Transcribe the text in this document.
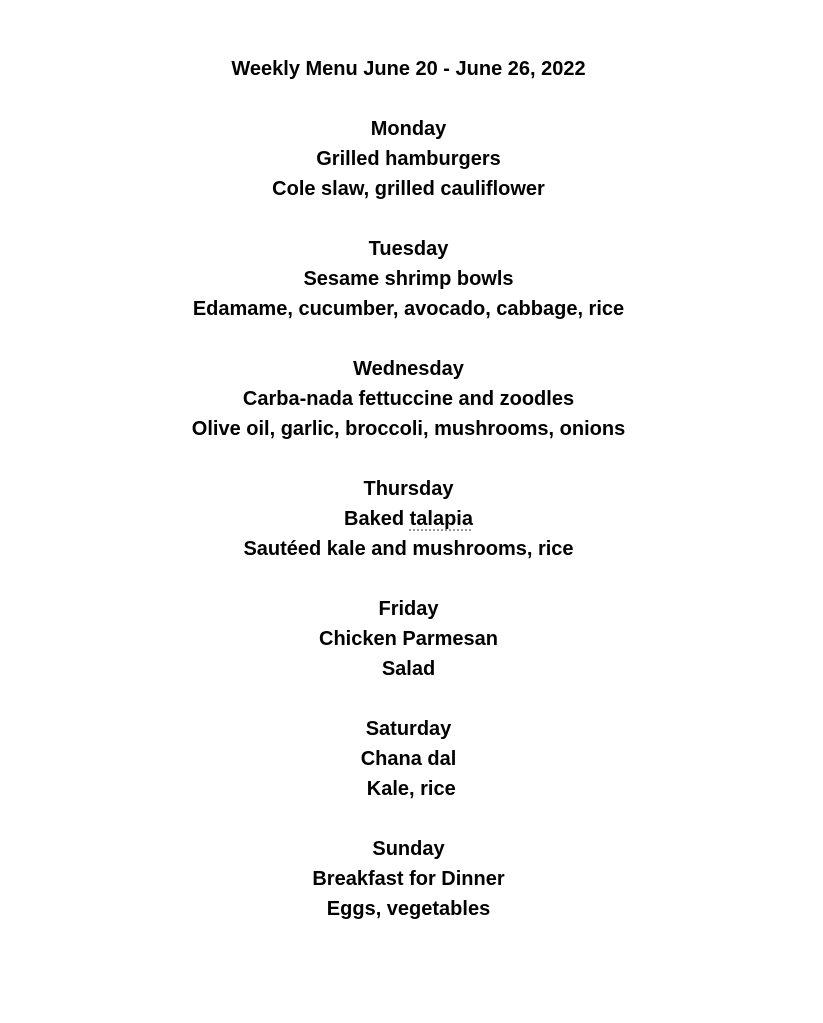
Weekly Menu June 20 - June 26, 2022
Monday
Grilled hamburgers
Cole slaw, grilled cauliflower
Tuesday
Sesame shrimp bowls
Edamame, cucumber, avocado, cabbage, rice
Wednesday
Carba-nada fettuccine and zoodles
Olive oil, garlic, broccoli, mushrooms, onions
Thursday
Baked talapia
Sautéed kale and mushrooms, rice
Friday
Chicken Parmesan
Salad
Saturday
Chana dal
Kale, rice
Sunday
Breakfast for Dinner
Eggs, vegetables
